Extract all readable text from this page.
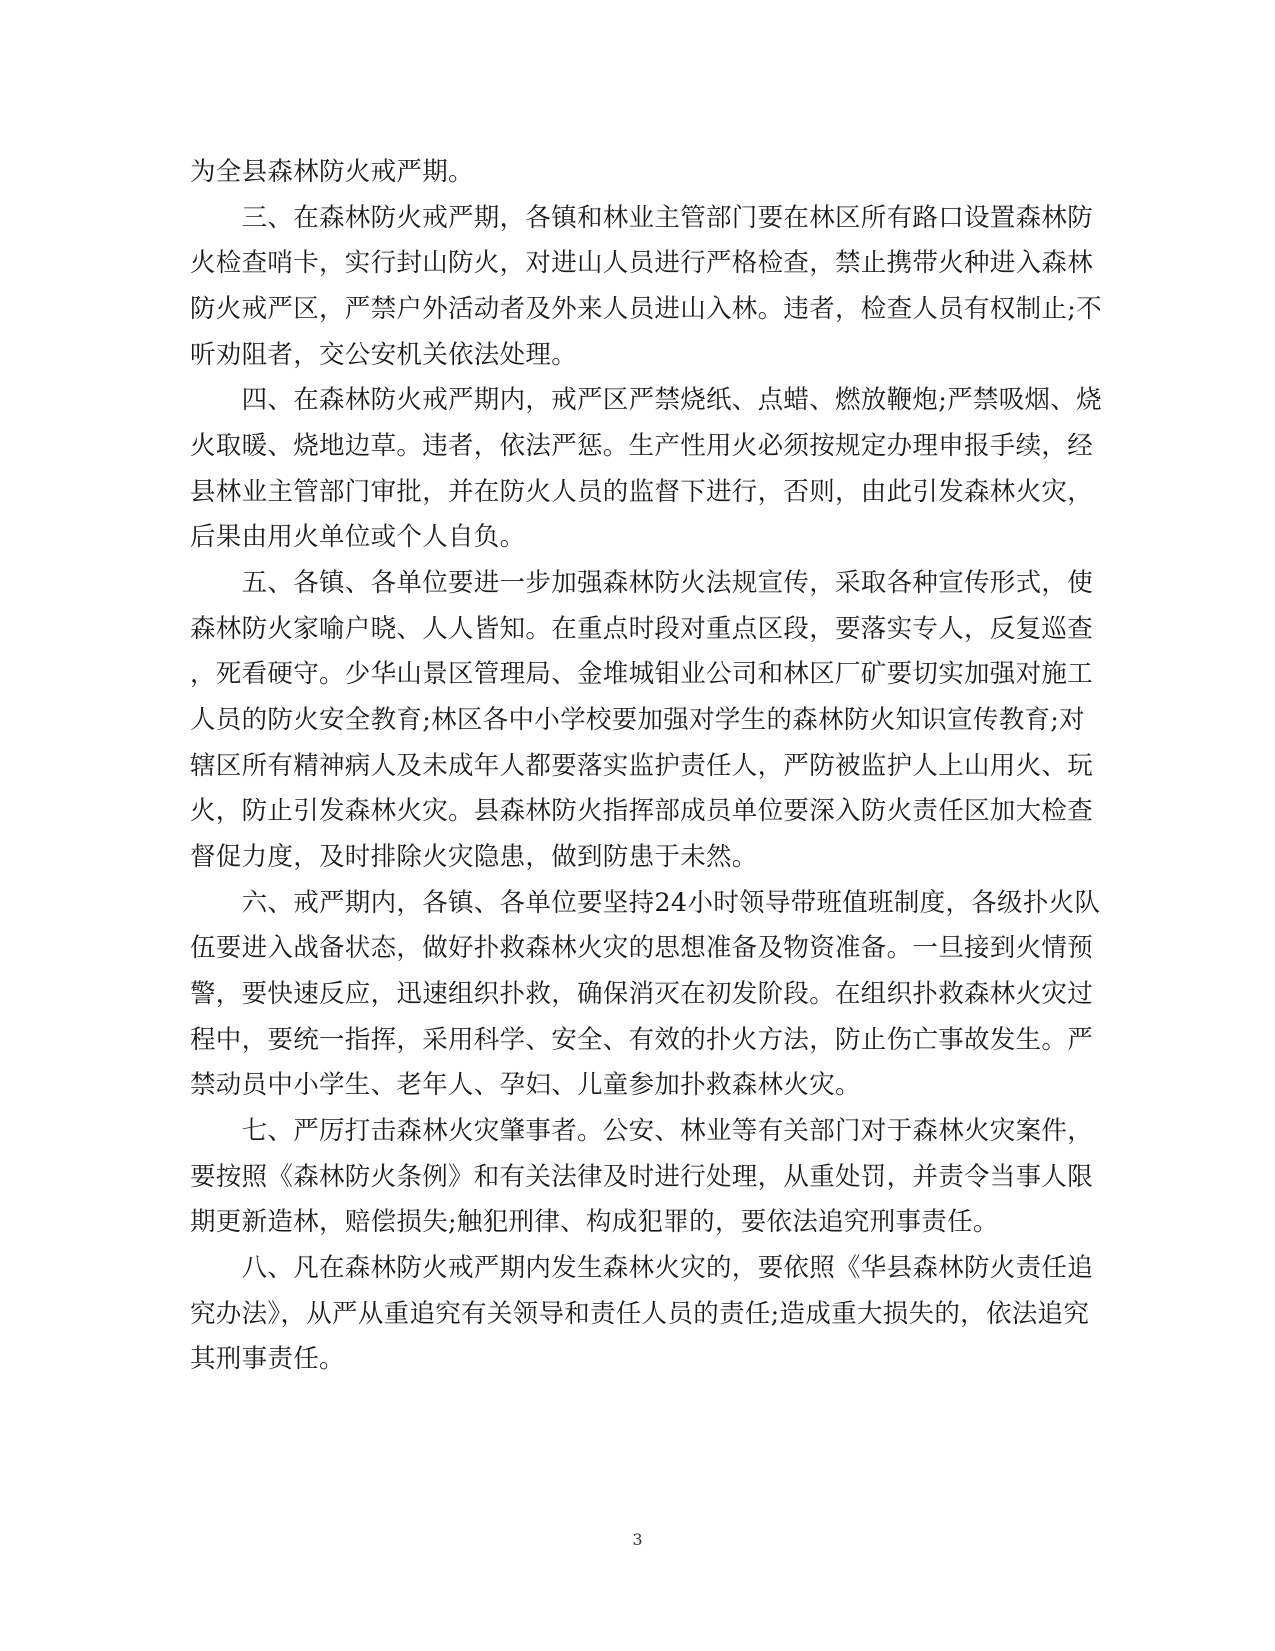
为全县森林防火戒严期。
　　三、在森林防火戒严期，各镇和林业主管部门要在林区所有路口设置森林防
火检查哨卡，实行封山防火，对进山人员进行严格检查，禁止携带火种进入森林
防火戒严区，严禁户外活动者及外来人员进山入林。违者，检查人员有权制止;不
听劝阻者，交公安机关依法处理。
　　四、在森林防火戒严期内，戒严区严禁烧纸、点蜡、燃放鞭炮;严禁吸烟、烧
火取暖、烧地边草。违者，依法严惩。生产性用火必须按规定办理申报手续，经
县林业主管部门审批，并在防火人员的监督下进行，否则，由此引发森林火灾，
后果由用火单位或个人自负。
　　五、各镇、各单位要进一步加强森林防火法规宣传，采取各种宣传形式，使
森林防火家喻户晓、人人皆知。在重点时段对重点区段，要落实专人，反复巡查
，死看硬守。少华山景区管理局、金堆城钼业公司和林区厂矿要切实加强对施工
人员的防火安全教育;林区各中小学校要加强对学生的森林防火知识宣传教育;对
辖区所有精神病人及未成年人都要落实监护责任人，严防被监护人上山用火、玩
火，防止引发森林火灾。县森林防火指挥部成员单位要深入防火责任区加大检查
督促力度，及时排除火灾隐患，做到防患于未然。
　　六、戒严期内，各镇、各单位要坚持24小时领导带班值班制度，各级扑火队
伍要进入战备状态，做好扑救森林火灾的思想准备及物资准备。一旦接到火情预
警，要快速反应，迅速组织扑救，确保消灭在初发阶段。在组织扑救森林火灾过
程中，要统一指挥，采用科学、安全、有效的扑火方法，防止伤亡事故发生。严
禁动员中小学生、老年人、孕妇、儿童参加扑救森林火灾。
　　七、严厉打击森林火灾肇事者。公安、林业等有关部门对于森林火灾案件，
要按照《森林防火条例》和有关法律及时进行处理，从重处罚，并责令当事人限
期更新造林，赔偿损失;触犯刑律、构成犯罪的，要依法追究刑事责任。
　　八、凡在森林防火戒严期内发生森林火灾的，要依照《华县森林防火责任追
究办法》，从严从重追究有关领导和责任人员的责任;造成重大损失的，依法追究
其刑事责任。
3
